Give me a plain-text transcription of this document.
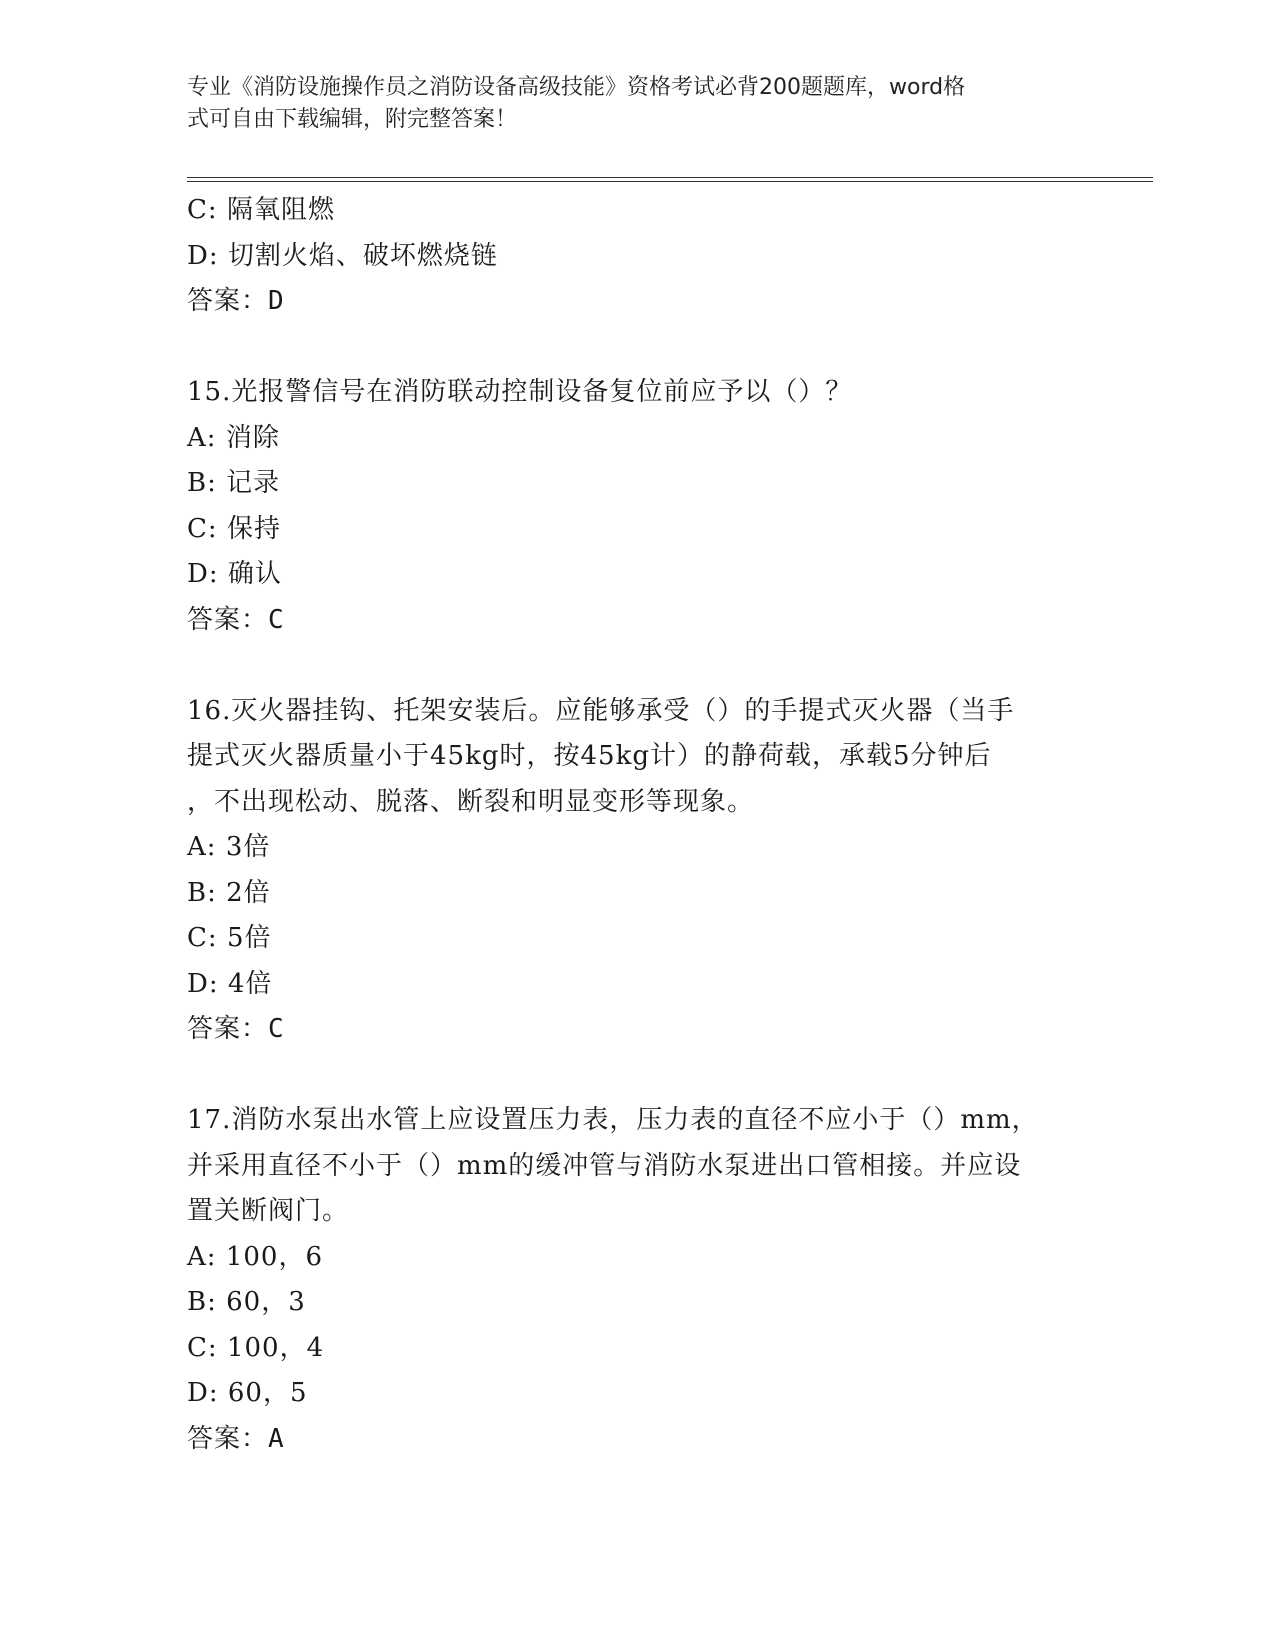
专业《消防设施操作员之消防设备高级技能》资格考试必背200题题库，word格
式可自由下载编辑，附完整答案！
C: 隔氧阻燃
D: 切割火焰、破坏燃烧链
答案：D
15.光报警信号在消防联动控制设备复位前应予以（）？
A: 消除
B: 记录
C: 保持
D: 确认
答案：C
16.灭火器挂钩、托架安装后。应能够承受（）的手提式灭火器（当手
提式灭火器质量小于45kg时，按45kg计）的静荷载，承载5分钟后
，不出现松动、脱落、断裂和明显变形等现象。
A: 3倍
B: 2倍
C: 5倍
D: 4倍
答案：C
17.消防水泵出水管上应设置压力表，压力表的直径不应小于（）mm，
并采用直径不小于（）mm的缓冲管与消防水泵进出口管相接。并应设
置关断阀门。
A: 100，6
B: 60，3
C: 100，4
D: 60，5
答案：A
